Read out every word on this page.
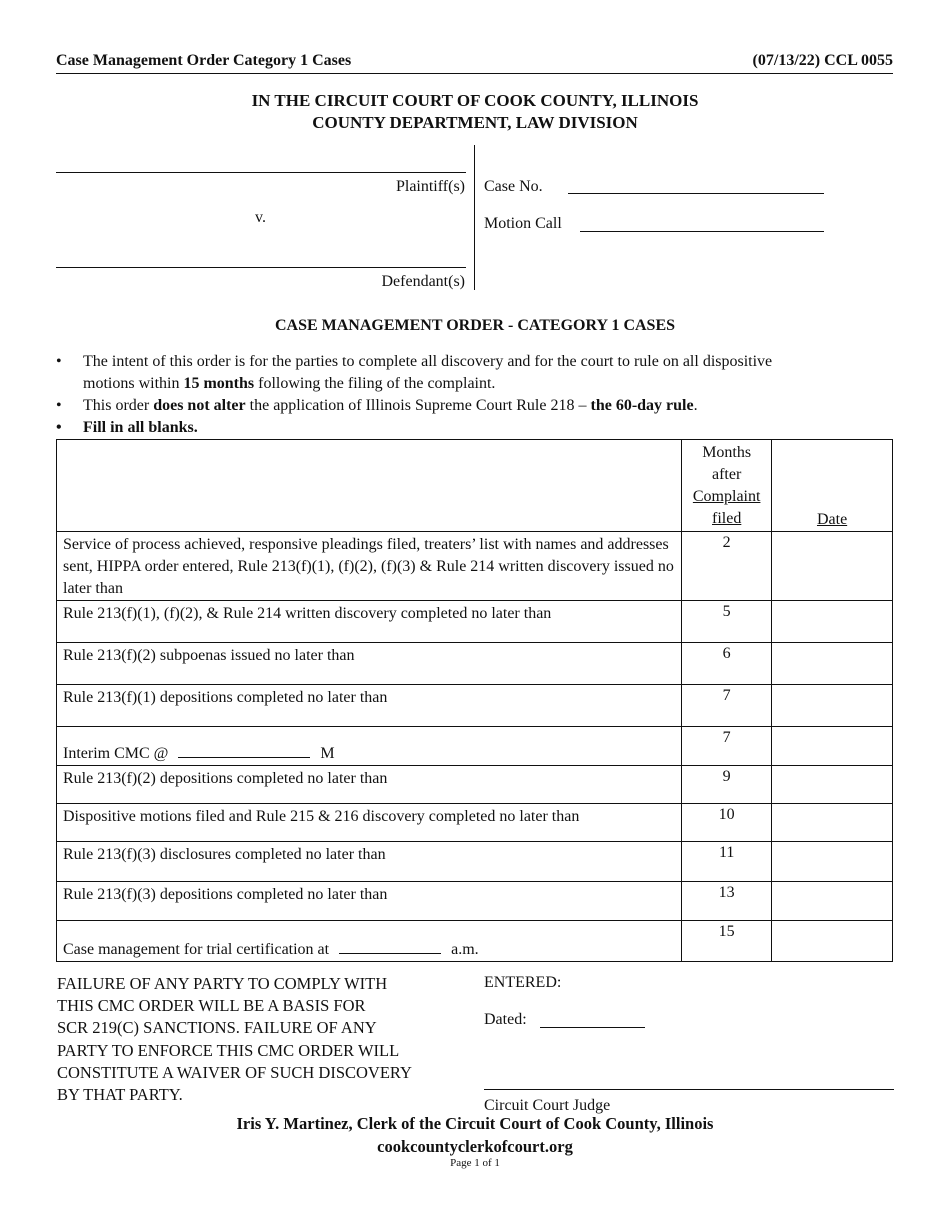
Case Management Order Category 1 Cases	(07/13/22) CCL 0055
IN THE CIRCUIT COURT OF COOK COUNTY, ILLINOIS
COUNTY DEPARTMENT, LAW DIVISION
Plaintiff(s)
v.
Defendant(s)
Case No.
Motion Call
CASE MANAGEMENT ORDER - CATEGORY 1 CASES
• The intent of this order is for the parties to complete all discovery and for the court to rule on all dispositive
motions within 15 months following the filing of the complaint.
• This order does not alter the application of Illinois Supreme Court Rule 218 – the 60-day rule.
• Fill in all blanks.

	Months
after
Complaint
filed	Date

Service of process achieved, responsive pleadings filed, treaters’ list with names and addresses sent, HIPPA order entered, Rule 213(f)(1), (f)(2), (f)(3) & Rule 214 written discovery issued no later than	2	
Rule 213(f)(1), (f)(2), & Rule 214 written discovery completed no later than	5	
Rule 213(f)(2) subpoenas issued no later than	6	
Rule 213(f)(1) depositions completed no later than	7	
Interim CMC @ M	7	
Rule 213(f)(2) depositions completed no later than	9	
Dispositive motions filed and Rule 215 & 216 discovery completed no later than	10	
Rule 213(f)(3) disclosures completed no later than	11	
Rule 213(f)(3) depositions completed no later than	13	
Case management for trial certification at a.m.	15	
FAILURE OF ANY PARTY TO COMPLY WITH
THIS CMC ORDER WILL BE A BASIS FOR
SCR 219(C) SANCTIONS. FAILURE OF ANY
PARTY TO ENFORCE THIS CMC ORDER WILL
CONSTITUTE A WAIVER OF SUCH DISCOVERY
BY THAT PARTY.
ENTERED:
Dated:
Circuit Court Judge
Iris Y. Martinez, Clerk of the Circuit Court of Cook County, Illinois
cookcountyclerkofcourt.org
Page 1 of 1
